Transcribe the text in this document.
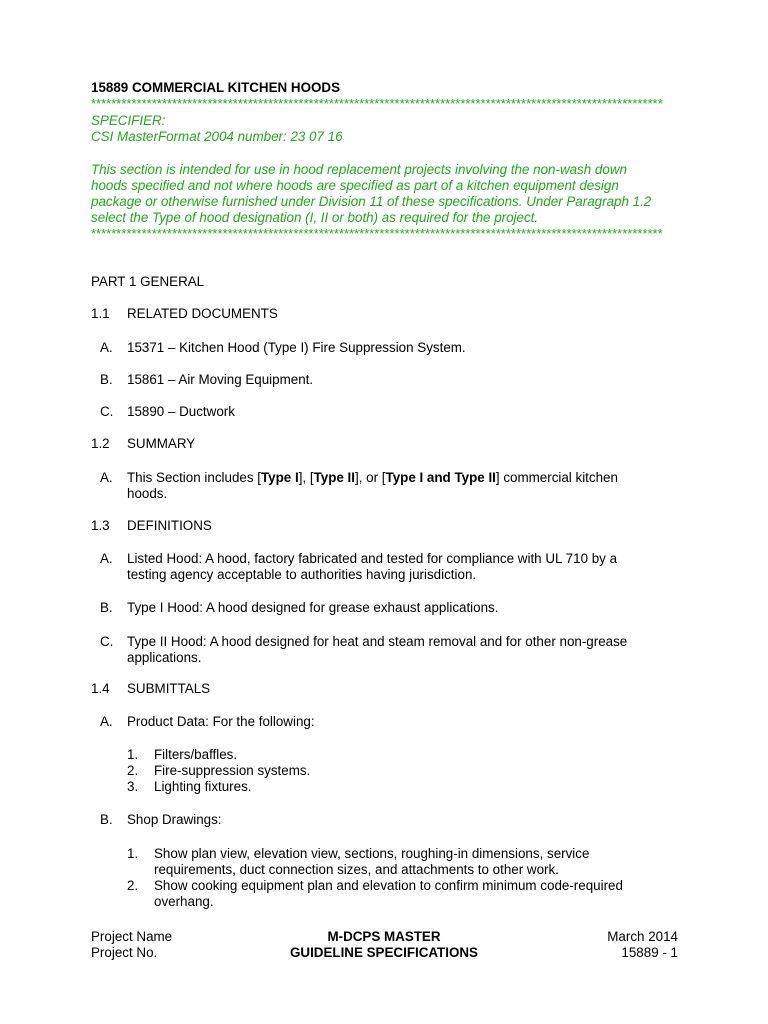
15889 COMMERCIAL KITCHEN HOODS
*****************************************************************************************************************
SPECIFIER:
CSI MasterFormat 2004 number: 23 07 16
This section is intended for use in hood replacement projects involving the non-wash down
hoods specified and not where hoods are specified as part of a kitchen equipment design
package or otherwise furnished under Division 11 of these specifications. Under Paragraph 1.2
select the Type of hood designation (I, II or both) as required for the project.
*****************************************************************************************************************
PART 1 GENERAL
1.1 RELATED DOCUMENTS
A. 15371 – Kitchen Hood (Type I) Fire Suppression System.
B. 15861 – Air Moving Equipment.
C. 15890 – Ductwork
1.2 SUMMARY
A. This Section includes [Type I], [Type II], or [Type I and Type II] commercial kitchen
hoods.
1.3 DEFINITIONS
A. Listed Hood: A hood, factory fabricated and tested for compliance with UL 710 by a
testing agency acceptable to authorities having jurisdiction.
B. Type I Hood: A hood designed for grease exhaust applications.
C. Type II Hood: A hood designed for heat and steam removal and for other non-grease
applications.
1.4 SUBMITTALS
A. Product Data: For the following:
1. Filters/baffles.
2. Fire-suppression systems.
3. Lighting fixtures.
B. Shop Drawings:
1. Show plan view, elevation view, sections, roughing-in dimensions, service
requirements, duct connection sizes, and attachments to other work.
2. Show cooking equipment plan and elevation to confirm minimum code-required
overhang.
Project Name
Project No.
M-DCPS MASTER
GUIDELINE SPECIFICATIONS
March 2014
15889 - 1
